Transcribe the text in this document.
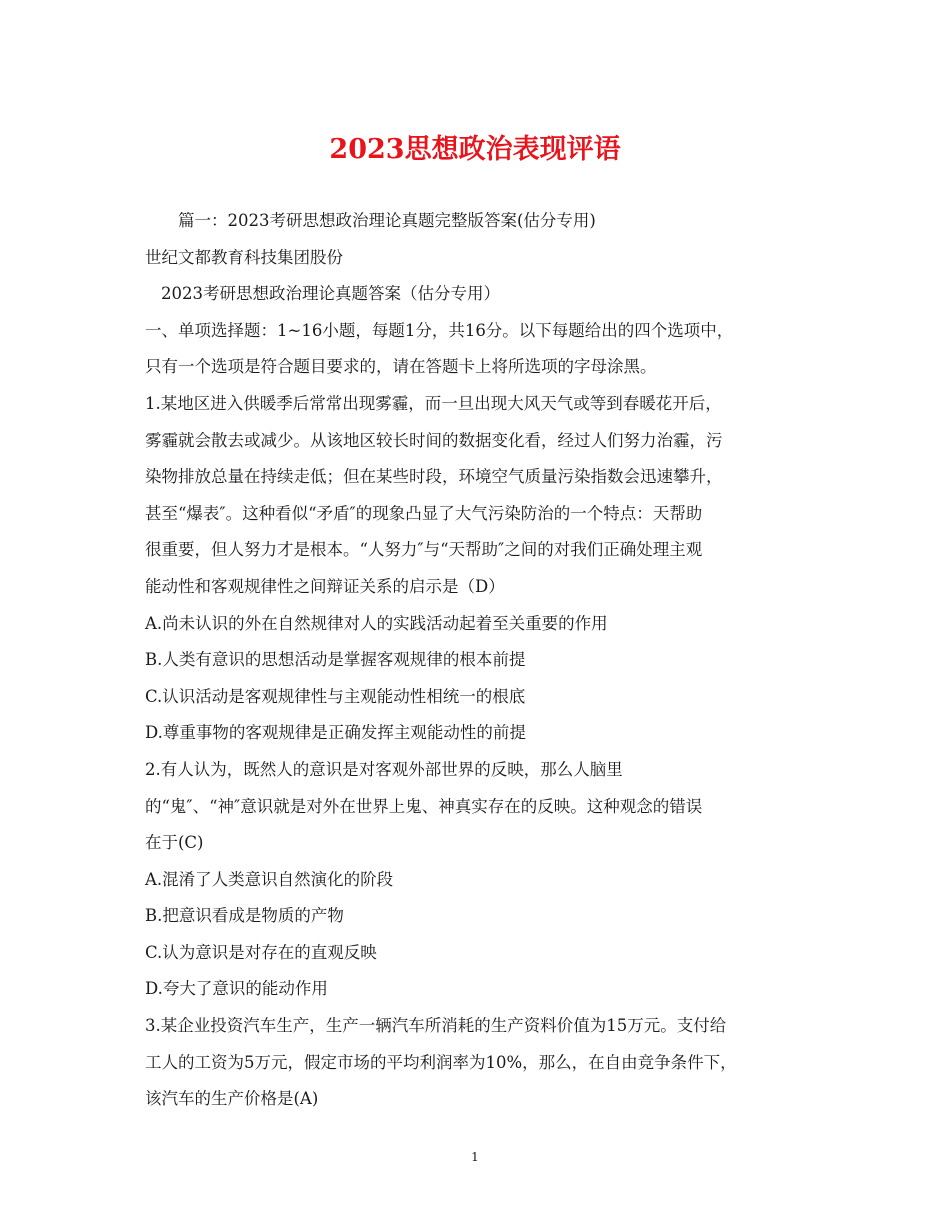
2023思想政治表现评语

篇一：2023考研思想政治理论真题完整版答案(估分专用)

世纪文都教育科技集团股份

2023考研思想政治理论真题答案（估分专用）

一、单项选择题：1~16小题，每题1分，共16分。以下每题给出的四个选项中，

只有一个选项是符合题目要求的，请在答题卡上将所选项的字母涂黑。

1.某地区进入供暖季后常常出现雾霾，而一旦出现大风天气或等到春暖花开后，

雾霾就会散去或减少。从该地区较长时间的数据变化看，经过人们努力治霾，污

染物排放总量在持续走低；但在某些时段，环境空气质量污染指数会迅速攀升，

甚至“爆表″。这种看似“矛盾″的现象凸显了大气污染防治的一个特点：天帮助

很重要，但人努力才是根本。“人努力″与“天帮助″之间的对我们正确处理主观

能动性和客观规律性之间辩证关系的启示是（D）

A.尚未认识的外在自然规律对人的实践活动起着至关重要的作用

B.人类有意识的思想活动是掌握客观规律的根本前提

C.认识活动是客观规律性与主观能动性相统一的根底

D.尊重事物的客观规律是正确发挥主观能动性的前提

2.有人认为，既然人的意识是对客观外部世界的反映，那么人脑里

的“鬼″、“神″意识就是对外在世界上鬼、神真实存在的反映。这种观念的错误

在于(C)

A.混淆了人类意识自然演化的阶段

B.把意识看成是物质的产物

C.认为意识是对存在的直观反映

D.夸大了意识的能动作用

3.某企业投资汽车生产，生产一辆汽车所消耗的生产资料价值为15万元。支付给

工人的工资为5万元，假定市场的平均利润率为10%，那么，在自由竞争条件下，

该汽车的生产价格是(A)

1
